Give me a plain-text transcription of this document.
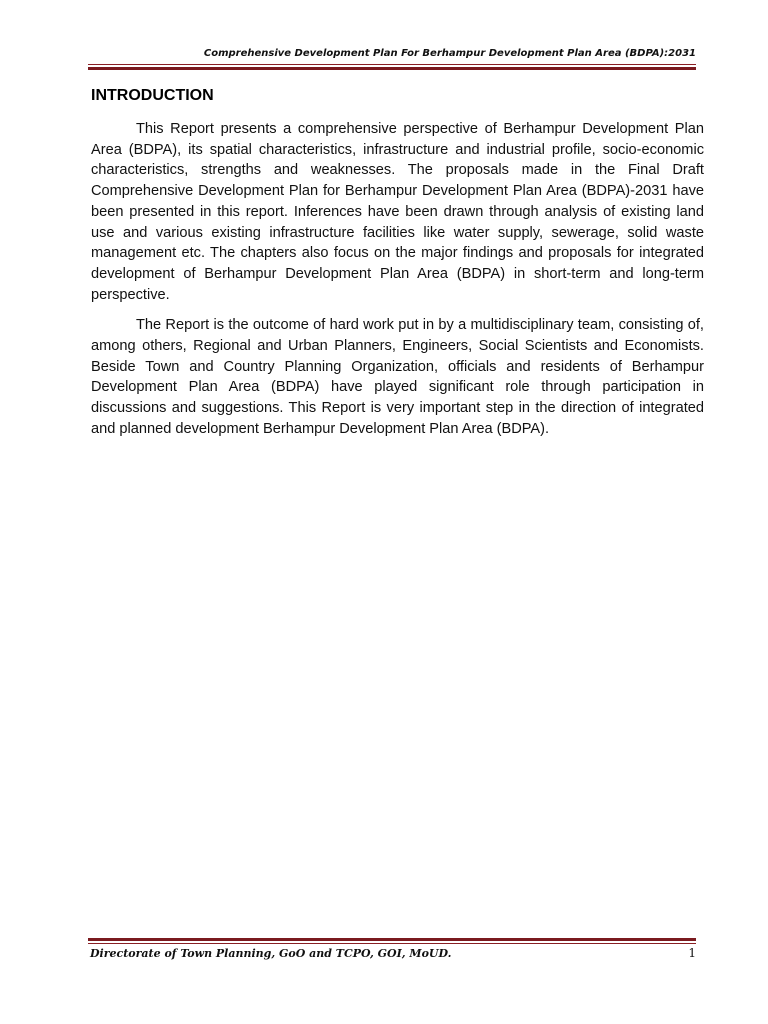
Comprehensive Development Plan For Berhampur Development Plan Area (BDPA):2031
INTRODUCTION

This Report presents a comprehensive perspective of Berhampur Development Plan Area (BDPA), its spatial characteristics, infrastructure and industrial profile, socio-economic characteristics, strengths and weaknesses. The proposals made in the Final Draft Comprehensive Development Plan for Berhampur Development Plan Area (BDPA)-2031 have been presented in this report. Inferences have been drawn through analysis of existing land use and various existing infrastructure facilities like water supply, sewerage, solid waste management etc. The chapters also focus on the major findings and proposals for integrated development of Berhampur Development Plan Area (BDPA) in short-term and long-term perspective.

The Report is the outcome of hard work put in by a multidisciplinary team, consisting of, among others, Regional and Urban Planners, Engineers, Social Scientists and Economists. Beside Town and Country Planning Organization, officials and residents of Berhampur Development Plan Area (BDPA) have played significant role through participation in discussions and suggestions. This Report is very important step in the direction of integrated and planned development Berhampur Development Plan Area (BDPA).

Directorate of Town Planning, GoO and TCPO, GOI, MoUD.	1
